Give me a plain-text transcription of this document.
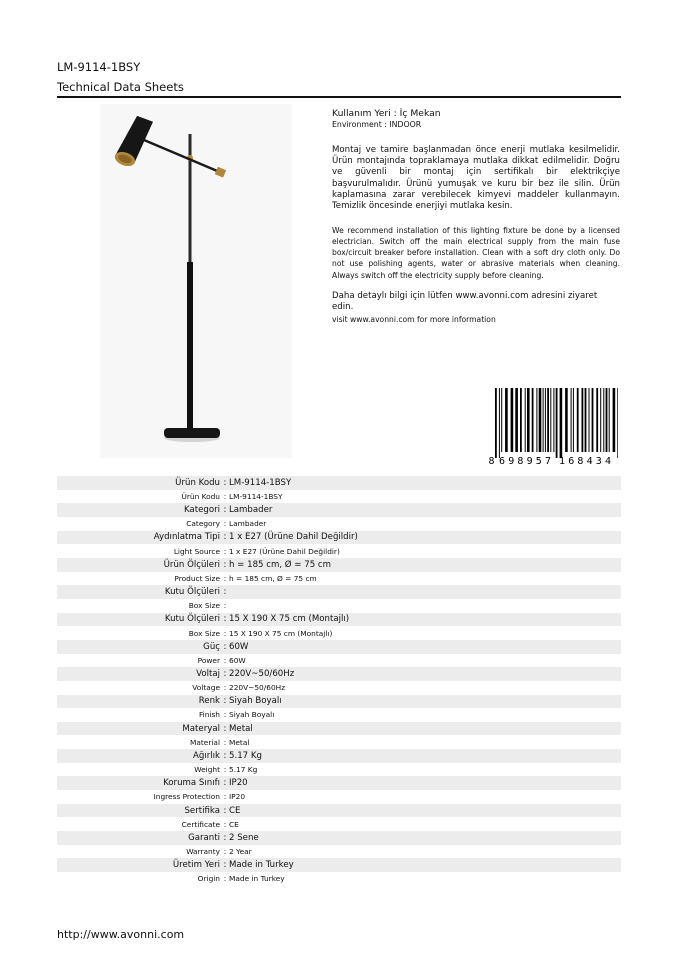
LM-9114-1BSY
Technical Data Sheets
Kullanım Yeri : İç Mekan
Environment : INDOOR
Montaj ve tamire başlanmadan önce enerji mutlaka kesilmelidir. Ürün montajında topraklamaya mutlaka dikkat edilmelidir. Doğru ve güvenli bir montaj için sertifikalı bir elektrikçiye başvurulmalıdır. Ürünü yumuşak ve kuru bir bez ile silin. Ürün kaplamasına zarar verebilecek kimyevi maddeler kullanmayın. Temizlik öncesinde enerjiyi mutlaka kesin.
We recommend installation of this lighting fixture be done by a licensed electrician. Switch off the main electrical supply from the main fuse box/circuit breaker before installation. Clean with a soft dry cloth only. Do not use polishing agents, water or abrasive materials when cleaning. Always switch off the electricity supply before cleaning.
Daha detaylı bilgi için lütfen www.avonni.com adresini ziyaret edin.
visit www.avonni.com for more information
8 6 9 8 9 5 7 1 6 8 4 3 4
Ürün Kodu : LM-9114-1BSY
Ürün Kodu : LM-9114-1BSY
Kategori : Lambader
Category : Lambader
Aydınlatma Tipi : 1 x E27 (Ürüne Dahil Değildir)
Light Source : 1 x E27 (Ürüne Dahil Değildir)
Ürün Ölçüleri : h = 185 cm, Ø = 75 cm
Product Size : h = 185 cm, Ø = 75 cm
Kutu Ölçüleri :
Box Size :
Kutu Ölçüleri : 15 X 190 X 75 cm (Montajlı)
Box Size : 15 X 190 X 75 cm (Montajlı)
Güç : 60W
Power : 60W
Voltaj : 220V~50/60Hz
Voltage : 220V~50/60Hz
Renk : Siyah Boyalı
Finish : Siyah Boyalı
Materyal : Metal
Material : Metal
Ağırlık : 5.17 Kg
Weight : 5.17 Kg
Koruma Sınıfı : IP20
Ingress Protection : IP20
Sertifika : CE
Certificate : CE
Garanti : 2 Sene
Warranty : 2 Year
Üretim Yeri : Made in Turkey
Origin : Made in Turkey
http://www.avonni.com
